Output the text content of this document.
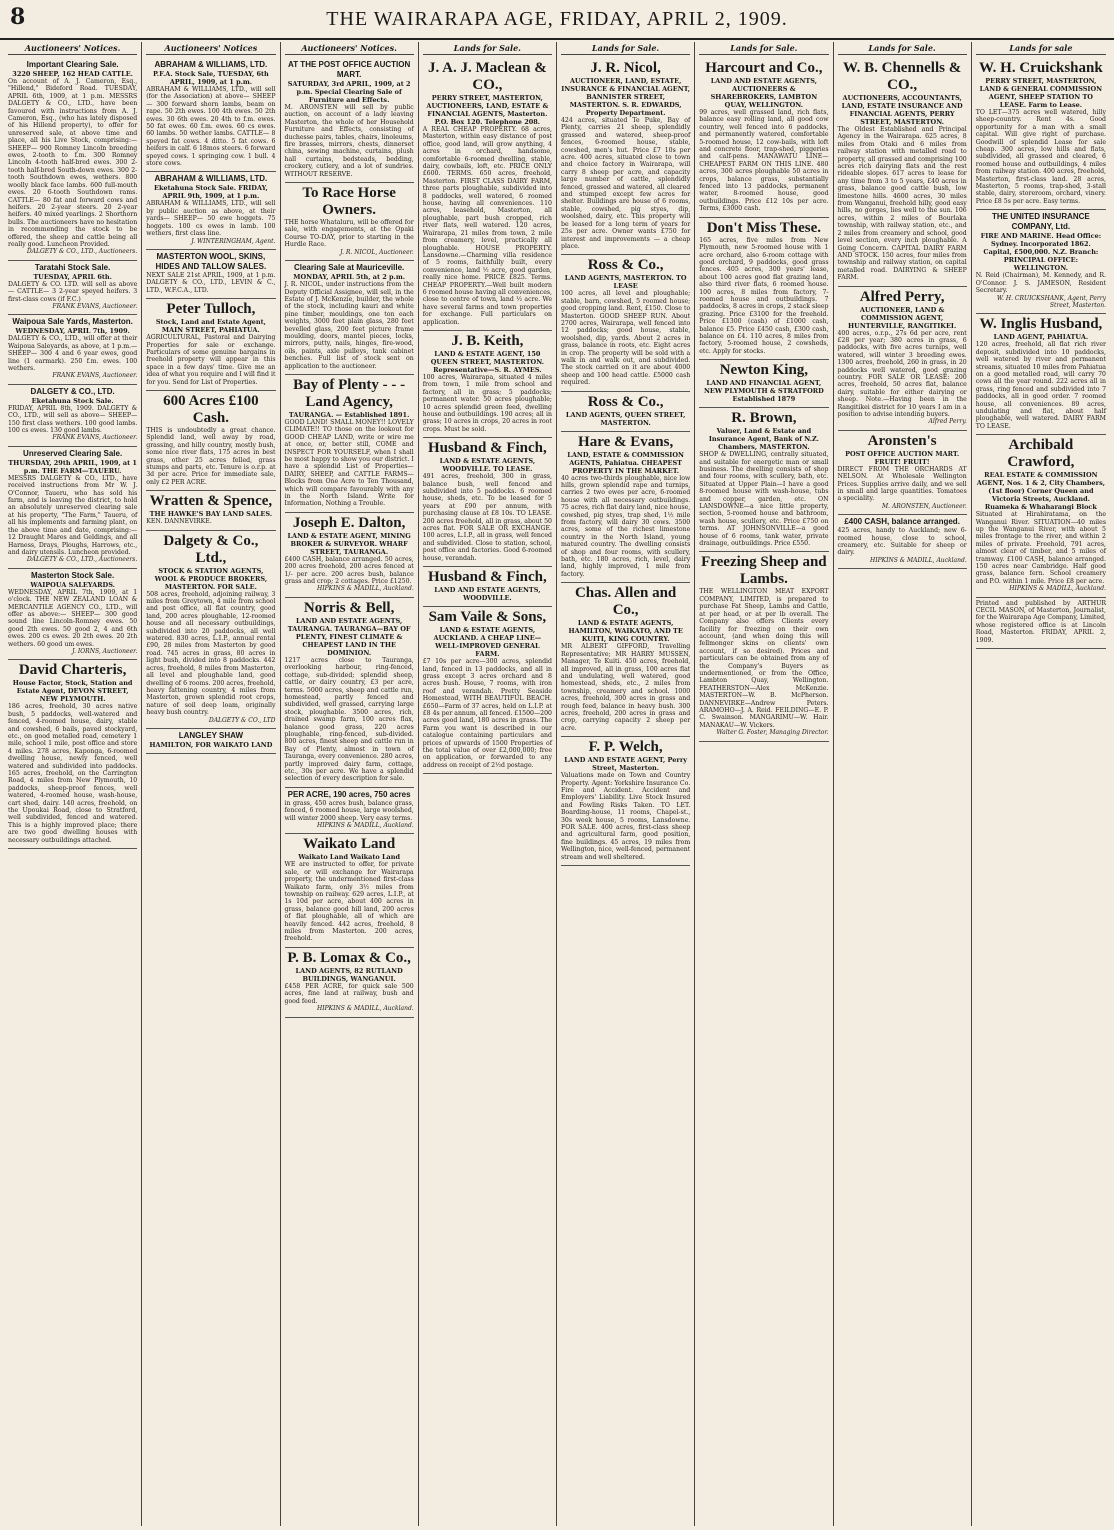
8	THE WAIRARAPA AGE, FRIDAY, APRIL 2, 1909.
Auctioneers' Notices.
Important Clearing Sale.
3220 SHEEP, 162 HEAD CATTLE.
On account of A. J. Cameron, Esq., "Hillend," Bideford Road. TUESDAY, APRIL 6th, 1909, at 1 p.m. MESSRS DALGETY & CO., LTD., have been favoured with instructions from A. J. Cameron, Esq., (who has lately disposed of his Hillend property), to offer for unreserved sale, at above time and place, all his Live Stock, comprising:— SHEEP— 900 Romney Lincoln breeding ewes, 2-tooth to f.m. 300 Romney Lincoln 4-tooth half-bred ewes. 300 2-tooth half-bred South-down ewes. 300 2-tooth Southdown ewes, wethers. 800 woolly black face lambs. 600 full-mouth ewes. 20 6-tooth Southdown rams. CATTLE— 80 fat and forward cows and heifers. 20 2-year steers. 20 2-year heifers. 40 mixed yearlings. 2 Shorthorn bulls. The auctioneers have no hesitation in recommending the stock to be offered, the sheep and cattle being all really good. Luncheon Provided.
DALGETY & CO., LTD., Auctioneers.
Taratahi Stock Sale.
TUESDAY, APRIL 6th.
DALGETY & CO. LTD. will sell as above— CATTLE— 3 2-year speyed heifers. 3 first-class cows (if F.C.)
FRANK EVANS, Auctioneer.
Waipoua Sale Yards, Masterton.
WEDNESDAY, APRIL 7th, 1909.
DALGETY & CO., LTD., will offer at their Waipoua Saleyards, as above, at 1 p.m.— SHEEP— 300 4 and 6 year ewes, good line (1 earmark). 250 f.m. ewes. 100 wethers.
FRANK EVANS, Auctioneer.
DALGETY & CO., LTD.
Eketahuna Stock Sale.
FRIDAY, APRIL 8th, 1909. DALGETY & CO., LTD., will sell as above— SHEEP— 150 first class wethers. 100 good lambs. 100 cs ewes. 130 good lambs.
FRANK EVANS, Auctioneer.
Unreserved Clearing Sale.
THURSDAY, 29th APRIL, 1909, at 1 p.m. THE FARM—TAUERU.
MESSRS DALGETY & CO., LTD., have received instructions from Mr W. J. O'Connor, Taueru, who has sold his farm, and is leaving the district, to hold an absolutely unreserved clearing sale at his property, "The Farm," Taueru, of all his implements and farming plant, on the above time and date, comprising:— 12 Draught Mares and Geldings, and all Harness, Drays, Ploughs, Harrows, etc., and dairy utensils. Luncheon provided.
DALGETY & CO., LTD., Auctioneers.
Masterton Stock Sale.
WAIPOUA SALEYARDS.
WEDNESDAY, APRIL 7th, 1909, at 1 o'clock. THE NEW ZEALAND LOAN & MERCANTILE AGENCY CO., LTD., will offer as above:— SHEEP— 300 good sound line Lincoln-Romney ewes. 50 good 2th ewes. 50 good 2, 4 and 6th ewes. 200 cs ewes. 20 2th ewes. 20 2th wethers. 60 good um ewes.
J. IORNS, Auctioneer.
David Charteris,
House Factor, Stock, Station and Estate Agent, DEVON STREET, NEW PLYMOUTH.
186 acres, freehold, 30 acres native bush, 5 paddocks, well-watered and fenced, 4-roomed house, dairy, stable and cowshed, 6 bails, paved stockyard, etc., on good metalled road, cemetery 1 mile, school 1 mile, post office and store 4 miles. 278 acres, Kaponga, 6-roomed dwelling house, newly fenced, well watered and subdivided into paddocks. 165 acres, freehold, on the Carrington Road, 4 miles from New Plymouth, 10 paddocks, sheep-proof fences, well watered, 4-roomed house, wash-house, cart shed, dairy. 140 acres, freehold, on the Upoukai Road, close to Stratford, well subdivided, fenced and watered. This is a highly improved place; there are two good dwelling houses with necessary outbuildings attached.
Auctioneers' Notices
ABRAHAM & WILLIAMS, LTD.
P.F.A. Stock Sale, TUESDAY, 6th APRIL, 1909, at 1 p.m.
ABRAHAM & WILLIAMS, LTD., will sell (for the Association) at above— SHEEP— 300 forward shorn lambs, beam on rape. 50 2th ewes. 100 4th ewes. 50 2th ewes. 30 6th ewes. 20 4th to f.m. ewes. 50 fat ewes. 60 f.m. ewes. 60 cs ewes. 60 lambs. 50 wether lambs. CATTLE— 8 speyed fat cows. 4 ditto. 5 fat cows. 6 heifers in calf. 6 18mos steers. 6 forward speyed cows. 1 springing cow. 1 bull. 4 store cows.
ABRAHAM & WILLIAMS, LTD.
Eketahuna Stock Sale. FRIDAY, APRIL 9th, 1909, at 1 p.m.
ABRAHAM & WILLIAMS, LTD., will sell by public auction as above, at their yards— SHEEP— 50 ewe hoggets. 75 hoggets. 100 cs ewes in lamb. 100 wethers, first class line.
J. WINTERINGHAM, Agent.
MASTERTON WOOL, SKINS, HIDES AND TALLOW SALES.
NEXT SALE 21st APRIL, 1909, at 1 p.m. DALGETY & CO., LTD., LEVIN & C., LTD., W.F.C.A., LTD.
Peter Tulloch,
Stock, Land and Estate Agent, MAIN STREET, PAHIATUA.
AGRICULTURAL, Pastoral and Dairying Properties for sale or exchange. Particulars of some genuine bargains in freehold property will appear in this space in a few days' time. Give me an idea of what you require and I will find it for you. Send for List of Properties.
600 Acres £100 Cash.
THIS is undoubtedly a great chance. Splendid land, well away by road, grassing, and hilly country, mostly bush, some nice river flats, 175 acres in best grass, other 25 acres felled, grass stumps and parts, etc. Tenure is o.r.p. at 3d per acre. Price for immediate sale, only £2 PER ACRE.
Wratten & Spence,
THE HAWKE'S BAY LAND SALES.
KEN. DANNEVIRKE.
Dalgety & Co., Ltd.,
STOCK & STATION AGENTS, WOOL & PRODUCE BROKERS, MASTERTON. FOR SALE.
508 acres, freehold, adjoining railway, 3 miles from Greytown, 4 mile from school and post office, all flat country, good land, 200 acres ploughable, 12-roomed house and all necessary outbuildings, subdivided into 20 paddocks, all well watered. 830 acres, L.I.P., annual rental £90, 28 miles from Masterton by good road. 745 acres in grass, 80 acres in light bush, divided into 8 paddocks. 442 acres, freehold, 8 miles from Masterton, all level and ploughable land, good dwelling of 6 rooms. 200 acres, freehold, heavy fattening country, 4 miles from Masterton, grown splendid root crops, nature of soil deep loam, originally heavy bush country.
DALGETY & CO., LTD
LANGLEY SHAW
HAMILTON, FOR WAIKATO LAND
Auctioneers' Notices.
AT THE POST OFFICE AUCTION MART.
SATURDAY, 3rd APRIL, 1909, at 2 p.m. Special Clearing Sale of Furniture and Effects.
M. ARONSTEN will sell by public auction, on account of a lady leaving Masterton, the whole of her Household Furniture and Effects, consisting of duchesse pairs, tables, chairs, linoleums, fire brasses, mirrors, chests, dinnerset china, sewing machine, curtains, plush hall curtains, bedsteads, bedding, crockery, cutlery, and a lot of sundries. WITHOUT RESERVE.
To Race Horse Owners.
THE horse Whataluru, will be offered for sale, with engagements, at the Opaki Course TO-DAY, prior to starting in the Hurdle Race.
J. R. NICOL, Auctioneer.
Clearing Sale at Mauriceville.
MONDAY, APRIL 5th, at 2 p.m.
J. R. NICOL, under instructions from the Deputy Official Assignee, will sell, in the Estate of J. McKenzie, builder, the whole of the stock, including kauri and white pine timber, mouldings, one ton each weights, 3000 feet plain glass, 280 feet bevelled glass, 200 feet picture frame moulding, doors, mantel pieces, locks, mirrors, putty, nails, hinges, fire-wood, oils, paints, axle pulleys, tank cabinet benches. Full list of stock sent on application to the auctioneer.
Bay of Plenty - - - Land Agency,
TAURANGA. — Established 1891.
GOOD LAND! SMALL MONEY!! LOVELY CLIMATE!! TO those on the lookout for GOOD CHEAP LAND, write or wire me at once, or, better still, COME and INSPECT FOR YOURSELF, when I shall be most happy to show you our district. I have a splendid List of Properties—DAIRY, SHEEP, and CATTLE FARMS—Blocks from One Acre to Ten Thousand, which will compare favourably with any in the North Island. Write for Information, Nothing a Trouble.
Joseph E. Dalton,
LAND & ESTATE AGENT, MINING BROKER & SURVEYOR. WHARF STREET, TAURANGA.
£400 CASH, balance arranged. 50 acres, 200 acres freehold, 200 acres fenced at 1/- per acre. 200 acres bush, balance grass and crop; 2 cottages. Price £1250.
HIPKINS & MADILL, Auckland.
Norris & Bell,
LAND AND ESTATE AGENTS, TAURANGA. TAURANGA—BAY OF PLENTY, FINEST CLIMATE & CHEAPEST LAND IN THE DOMINION.
1217 acres close to Tauranga, overlooking harbour, ring-fenced, cottage, sub-divided; splendid sheep, cattle, or dairy country, £3 per acre, terms. 5000 acres, sheep and cattle run, homestead, partly fenced and subdivided, well grassed, carrying large stock, ploughable. 3500 acres, rich, drained swamp farm, 100 acres flax, balance good grass, 220 acres ploughable, ring-fenced, sub-divided. 800 acres, finest sheep and cattle run in Bay of Plenty, almost in town of Tauranga, every convenience. 280 acres, partly improved dairy farm, cottage, etc., 30s per acre. We have a splendid selection of every description for sale.
PER ACRE, 190 acres, 750 acres
in grass, 450 acres bush, balance grass, fenced, 6 roomed house, large woolshed, will winter 2000 sheep. Very easy terms.
HIPKINS & MADILL, Auckland.
Waikato Land
Waikato Land Waikato Land
WE are instructed to offer, for private sale, or will exchange for Wairarapa property, the undermentioned first-class Waikato farm, only 3½ miles from township on railway. 629 acres, L.I.P., at 1s 10d per acre, about 400 acres in grass, balance good hill land, 200 acres of flat ploughable, all of which are heavily fenced. 442 acres, freehold, 8 miles from Masterton. 200 acres, freehold.
P. B. Lomax & Co.,
LAND AGENTS, 82 RUTLAND BUILDINGS, WANGANUI.
£458 PER ACRE, for quick sale 500 acres, fine land at railway, bush and good feed.
HIPKINS & MADILL, Auckland.
Lands for Sale.
J. A. J. Maclean & CO.,
PERRY STREET, MASTERTON, AUCTIONEERS, LAND, ESTATE & FINANCIAL AGENTS, Masterton. P.O. Box 120. Telephone 208.
A REAL CHEAP PROPERTY. 68 acres, Masterton, within easy distance of post office, good land, will grow anything, 4 acres in orchard, handsome, comfortable 6-roomed dwelling, stable, dairy, cowbails, loft, etc. PRICE ONLY £600. TERMS. 650 acres, freehold, Masterton. FIRST CLASS DAIRY FARM, three parts ploughable, subdivided into 8 paddocks, well watered, 6 roomed house, having all conveniences. 110 acres, leasehold, Masterton, all ploughable, part bush cropped, rich river flats, well watered. 120 acres, Wairarapa, 21 miles from town, 2 mile from creamery, level, practically all ploughable. HOUSE PROPERTY. Lansdowne.—Charming villa residence of 5 rooms, faithfully built, every convenience, land ½ acre, good garden, really nice home. PRICE £825. Terms. CHEAP PROPERTY.—Well built modern 6 roomed house having all conveniences, close to centre of town, land ½ acre. We have several farms and town properties for exchange. Full particulars on application.
J. B. Keith,
LAND & ESTATE AGENT, 150 QUEEN STREET, MASTERTON. Representative—S. R. AYMES.
100 acres, Wairarapa, situated 4 miles from town, 1 mile from school and factory, all in grass; 5 paddocks; permanent water. 50 acres ploughable; 10 acres splendid green feed, dwelling house and outbuildings. 190 acres; all in grass; 10 acres in crops, 20 acres in root crops. Must be sold.
Husband & Finch,
LAND & ESTATE AGENTS, WOODVILLE. TO LEASE.
491 acres, freehold, 300 in grass, balance bush, well fenced and subdivided into 5 paddocks. 6 roomed house, sheds, etc. To be leased for 5 years at £90 per annum, with purchasing clause at £8 10s. TO LEASE. 200 acres freehold, all in grass, about 50 acres flat. FOR SALE OR EXCHANGE. 100 acres, L.I.P., all in grass, well fenced and subdivided. Close to station, school, post office and factories. Good 6-roomed house, verandah.
Husband & Finch,
LAND AND ESTATE AGENTS, WOODVILLE.
Sam Vaile & Sons,
LAND & ESTATE AGENTS, AUCKLAND. A CHEAP LINE—WELL-IMPROVED GENERAL FARM.
£7 10s per acre—300 acres, splendid land, fenced in 13 paddocks, and all in grass except 3 acres orchard and 8 acres bush. House, 7 rooms, with iron roof and verandah. Pretty Seaside Homestead, WITH BEAUTIFUL BEACH. £650—Farm of 37 acres, held on L.I.P. at £8 4s per annum, all fenced. £1500—200 acres good land, 180 acres in grass. The Farm you want is described in our catalogue containing particulars and prices of upwards of 1500 Properties of the total value of over £2,000,000; free on application, or forwarded to any address on receipt of 2½d postage.
Lands for Sale.
J. R. Nicol,
AUCTIONEER, LAND, ESTATE, INSURANCE & FINANCIAL AGENT, BANNISTER STREET, MASTERTON. S. R. EDWARDS, Property Department.
424 acres, situated Te Puke, Bay of Plenty, carries 21 sheep, splendidly grassed and watered, sheep-proof fences, 6-roomed house, stable, cowshed, men's hut. Price £7 10s per acre. 400 acres, situated close to town and choice factory in Wairarapa, will carry 8 sheep per acre, and capacity large number of cattle, splendidly fenced, grassed and watered, all cleared and stumped except few acres for shelter. Buildings are house of 6 rooms, stable, cowshed, pig styes, dip, woolshed, dairy, etc. This property will be leased for a long term of years for 25s per acre. Owner wants £750 for interest and improvements — a cheap place.
Ross & Co.,
LAND AGENTS, MASTERTON. TO LEASE
100 acres, all level and ploughable; stable, barn, cowshed, 5 roomed house; good cropping land. Rent, £150. Close to Masterton. GOOD SHEEP RUN. About 2700 acres, Wairarapa, well fenced into 12 paddocks; good house, stable, woolshed, dip, yards. About 2 acres in grass, balance in roots, etc. Eight acres in crop. The property will be sold with a walk in and walk out, and subdivided. The stock carried on it are about 4000 sheep and 100 head cattle. £5000 cash required.
Ross & Co.,
LAND AGENTS, QUEEN STREET, MASTERTON.
Hare & Evans,
LAND, ESTATE & COMMISSION AGENTS, Pahiatua. CHEAPEST PROPERTY IN THE MARKET.
40 acres two-thirds ploughable, nice low hills, grown splendid rape and turnips, carries 2 two ewes per acre, 6-roomed house with all necessary outbuildings. 75 acres, rich flat dairy land, nice house, cowshed, pig styes, trap shed, 1½ mile from factory, will dairy 30 cows. 3500 acres, some of the richest limestone country in the North Island, young matured country. The dwelling consists of shop and four rooms, with scullery, bath, etc. 180 acres, rich, level, dairy land, highly improved, 1 mile from factory.
Chas. Allen and Co.,
LAND & ESTATE AGENTS, HAMILTON, WAIKATO, AND TE KUITI, KING COUNTRY.
MR ALBERT GIFFORD, Travelling Representative; MR HARRY MUSSEN, Manager, Te Kuiti. 450 acres, freehold, all improved, all in grass, 100 acres flat and undulating, well watered, good homestead, sheds, etc., 2 miles from township, creamery and school. 1000 acres, freehold, 300 acres in grass and rough feed, balance in heavy bush. 300 acres, freehold, 200 acres in grass and crop, carrying capacity 2 sheep per acre.
F. P. Welch,
LAND AND ESTATE AGENT, Perry Street, Masterton.
Valuations made on Town and Country Property. Agent: Yorkshire Insurance Co. Fire and Accident. Accident and Employers' Liability. Live Stock Insured and Fowling Risks Taken. TO LET. Boarding-house, 11 rooms, Chapel-st., 30s week house, 5 rooms, Lansdowne. FOR SALE. 400 acres, first-class sheep and agricultural farm, good position, fine buildings. 45 acres, 19 miles from Wellington, nice, well-fenced, permanent stream and well sheltered.
Lands for Sale.
Harcourt and Co.,
LAND AND ESTATE AGENTS, AUCTIONEERS & SHAREBROKERS, LAMBTON QUAY, WELLINGTON.
99 acres, well grassed land, rich flats, balance easy rolling land, all good cow country, well fenced into 6 paddocks, and permanently watered, comfortable 5-roomed house, 12 cow-bails, with loft and concrete floor, trap-shed, piggeries and calf-pens. MANAWATU LINE—CHEAPEST FARM ON THIS LINE. 480 acres, 300 acres ploughable 50 acres in crops, balance grass, substantially fenced into 13 paddocks, permanent water, 8-roomed house, good outbuildings. Price £12 10s per acre. Terms, £3000 cash.
Don't Miss These.
165 acres, five miles from New Plymouth, new 5-roomed house with 1 acre orchard, also 6-room cottage with good orchard, 9 paddocks, good grass fences. 405 acres, 300 years' lease, about 100 acres good flat grazing land, also third river flats, 6 roomed house. 100 acres, 8 miles from factory, 7-roomed house and outbuildings. 7 paddocks, 8 acres in crops, 2 stack sleep grazing. Price £3100 for the freehold. Price £1300 (cash) of £1000 cash, balance £5. Price £450 cash, £300 cash, balance on £4. 110 acres, 8 miles from factory, 5-roomed house, 2 cowsheds, etc. Apply for stocks.
Newton King,
LAND AND FINANCIAL AGENT, NEW PLYMOUTH & STRATFORD Established 1879
R. Brown,
Valuer, Land & Estate and Insurance Agent, Bank of N.Z. Chambers, MASTERTON.
SHOP & DWELLING, centrally situated, and suitable for energetic man or small business. The dwelling consists of shop and four rooms, with scullery, bath, etc. Situated at Upper Plain—I have a good 8-roomed house with wash-house, tubs and copper, garden, etc. ON LANSDOWNE—a nice little property, section, 5-roomed house and bathroom, wash house, scullery, etc. Price £750 on terms. AT JOHNSONVILLE—a good house of 6 rooms, tank water, private drainage, outbuildings. Price £550.
Freezing Sheep and Lambs.
THE WELLINGTON MEAT EXPORT COMPANY, LIMITED, is prepared to purchase Fat Sheep, Lambs and Cattle, at per head, or at per lb overall. The Company also offers Clients every facility for freezing on their own account, (and when doing this will fellmonger skins on clients' own account, if so desired). Prices and particulars can be obtained from any of the Company's Buyers as undermentioned, or from the Office, Lambton Quay, Wellington. FEATHERSTON—Alex McKenzie. MASTERTON—W. B. McPherson. DANNEVIRKE—Andrew Peters. ARAMOHO—J. A. Reid. FEILDING—E. P. C. Swainson. MANGARIMU—W. Hair. MANAKAU—W. Vickers.
Walter G. Foster, Managing Director.
Lands for Sale.
W. B. Chennells & CO.,
AUCTIONEERS, ACCOUNTANTS, LAND, ESTATE INSURANCE AND FINANCIAL AGENTS, PERRY STREET, MASTERTON.
The Oldest Established and Principal Agency in the Wairarapa. 625 acres, 8 miles from Otaki and 6 miles from railway station with metalled road to property, all grassed and comprising 100 acres rich dairying flats and the rest rideable slopes. 617 acres to lease for any time from 3 to 5 years, £40 acres in grass, balance good cattle bush, low limestone hills. 4600 acres, 30 miles from Wanganui, freehold hilly, good easy hills, no gorges, lies well to the sun. 106 acres, within 2 miles of Bourlaka township, with railway station, etc., and 2 miles from creamery and school, good level section, every inch ploughable. A Going Concern. CAPITAL DAIRY FARM AND STOCK. 150 acres, four miles from township and railway station, on capital metalled road. DAIRYING & SHEEP FARM.
Alfred Perry,
AUCTIONEER, LAND & COMMISSION AGENT, HUNTERVILLE, RANGITIKEI.
400 acres, o.r.p., 27s 6d per acre, rent £28 per year; 380 acres in grass, 6 paddocks, with five acres turnips, well watered, will winter 3 breeding ewes. 1300 acres, freehold, 260 in grass, in 20 paddocks well watered, good grazing country. FOR SALE OR LEASE: 200 acres, freehold, 50 acres flat, balance dairy, suitable for either dairying or sheep. Note.—Having been in the Rangitikei district for 10 years I am in a position to advise intending buyers.
Alfred Perry.
Aronsten's
POST OFFICE AUCTION MART. FRUIT! FRUIT!
DIRECT FROM THE ORCHARDS AT NELSON. At Wholesale Wellington Prices. Supplies arrive daily, and we sell in small and large quantities. Tomatoes a speciality.
M. ARONSTEN, Auctioneer.
£400 CASH, balance arranged.
425 acres, handy to Auckland; new 6-roomed house, close to school, creamery, etc. Suitable for sheep or dairy.
HIPKINS & MADILL, Auckland.
Lands for sale
W. H. Cruickshank
PERRY STREET, MASTERTON, LAND & GENERAL COMMISSION AGENT, SHEEP STATION TO LEASE. Farm to Lease.
TO LET—375 acres well watered, hilly sheep-country. Rent 4s. Good opportunity for a man with a small capital. Will give right of purchase. Goodwill of splendid Lease for sale cheap. 300 acres, low hills and flats, subdivided, all grassed and cleared, 6 roomed house and outbuildings, 4 miles from railway station. 400 acres, freehold, Masterton, first-class land. 28 acres, Masterton, 5 rooms, trap-shed, 3-stall stable, dairy, storeroom, orchard, vinery. Price £8 5s per acre. Easy terms.
THE UNITED INSURANCE COMPANY, Ltd.
FIRE AND MARINE. Head Office: Sydney. Incorporated 1862. Capital, £500,000. N.Z. Branch: PRINCIPAL OFFICE: WELLINGTON.
N. Reid (Chairman), M. Kennedy, and R. O'Connor. J. S. JAMESON, Resident Secretary.
W. H. CRUICKSHANK, Agent, Perry Street, Masterton.
W. Inglis Husband,
LAND AGENT, PAHIATUA.
120 acres, freehold, all flat rich river deposit, subdivided into 10 paddocks, well watered by river and permanent streams, situated 10 miles from Pahiatua on a good metalled road, will carry 70 cows all the year round. 222 acres all in grass, ring fenced and subdivided into 7 paddocks, all in good order. 7 roomed house, all conveniences. 89 acres, undulating and flat, about half ploughable, well watered. DAIRY FARM TO LEASE.
Archibald Crawford,
REAL ESTATE & COMMISSION AGENT, Nos. 1 & 2, City Chambers, (1st floor) Corner Queen and Victoria Streets, Auckland. Ruameka & Whaharangi Block
Situated at Hirahiratama, on the Wanganui River. SITUATION—40 miles up the Wanganui River, with about 5 miles frontage to the river, and within 2 miles of private. Freehold, 791 acres, almost clear of timber, and 5 miles of tramway. £100 CASH, balance arranged. 150 acres near Cambridge. Half good grass, balance fern. School creamery and P.O. within 1 mile. Price £8 per acre.
HIPKINS & MADILL, Auckland.
Printed and published by ARTHUR CECIL MASON, of Masterton, Journalist, for the Wairarapa Age Company, Limited, whose registered office is at Lincoln Road, Masterton. FRIDAY, APRIL 2, 1909.
